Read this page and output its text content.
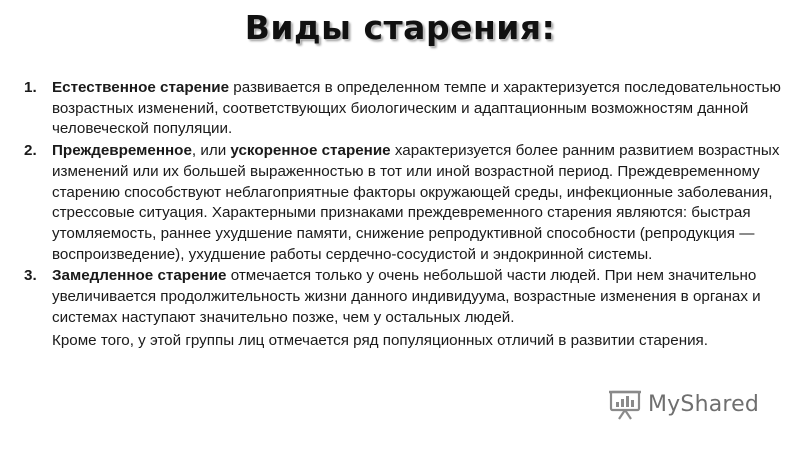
Виды старения:
1. Естественное старение развивается в определенном темпе и характеризуется последовательностью возрастных изменений, соответствующих биологическим и адаптационным возможностям данной человеческой популяции.
2. Преждевременное, или ускоренное старение характеризуется более ранним развитием возрастных изменений или их большей выраженностью в тот или иной возрастной период. Преждевременному старению способствуют неблагоприятные факторы окружающей среды, инфекционные заболевания, стрессовые ситуация. Характерными признаками преждевременного старения являются: быстрая утомляемость, раннее ухудшение памяти, снижение репродуктивной способности (репродукция — воспроизведение), ухудшение работы сердечно-сосудистой и эндокринной системы.
3. Замедленное старение отмечается только у очень небольшой части людей. При нем значительно увеличивается продолжительность жизни данного индивидуума, возрастные изменения в органах и системах наступают значительно позже, чем у остальных людей.
Кроме того, у этой группы лиц отмечается ряд популяционных отличий в развитии старения.
MyShared
